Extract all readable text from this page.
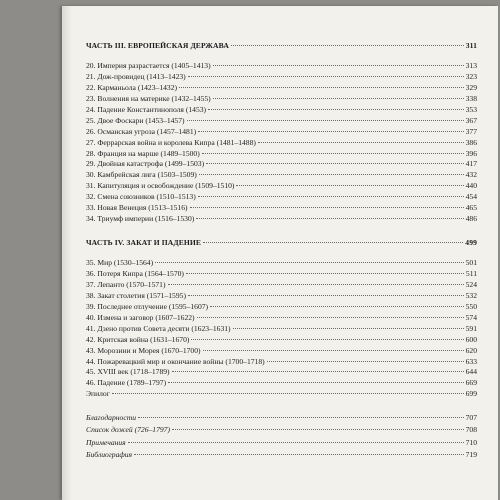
ЧАСТЬ III. ЕВРОПЕЙСКАЯ ДЕРЖАВА	311
20. Империя разрастается (1405–1413)	313
21. Дож-провидец (1413–1423)	323
22. Карманьола (1423–1432)	329
23. Волнения на материке (1432–1455)	338
24. Падение Константинополя (1453)	353
25. Двое Фоскари (1453–1457)	367
26. Османская угроза (1457–1481)	377
27. Феррарская война и королева Кипра (1481–1488)	386
28. Франция на марше (1489–1500)	396
29. Двойная катастрофа (1499–1503)	417
30. Камбрейская лига (1503–1509)	432
31. Капитуляция и освобождение (1509–1510)	440
32. Смена союзников (1510–1513)	454
33. Новая Венеция (1513–1516)	465
34. Триумф империи (1516–1530)	486
ЧАСТЬ IV. ЗАКАТ И ПАДЕНИЕ	499
35. Мир (1530–1564)	501
36. Потеря Кипра (1564–1570)	511
37. Лепанто (1570–1571)	524
38. Закат столетия (1571–1595)	532
39. Последнее отлучение (1595–1607)	550
40. Измена и заговор (1607–1622)	574
41. Дзено против Совета десяти (1623–1631)	591
42. Критская война (1631–1670)	600
43. Морозини и Морея (1670–1700)	620
44. Пожаревацкий мир и окончание войны (1700–1718)	633
45. XVIII век (1718–1789)	644
46. Падение (1789–1797)	669
Эпилог	699
Благодарности	707
Список дожей (726–1797)	708
Примечания	710
Библиография	719
